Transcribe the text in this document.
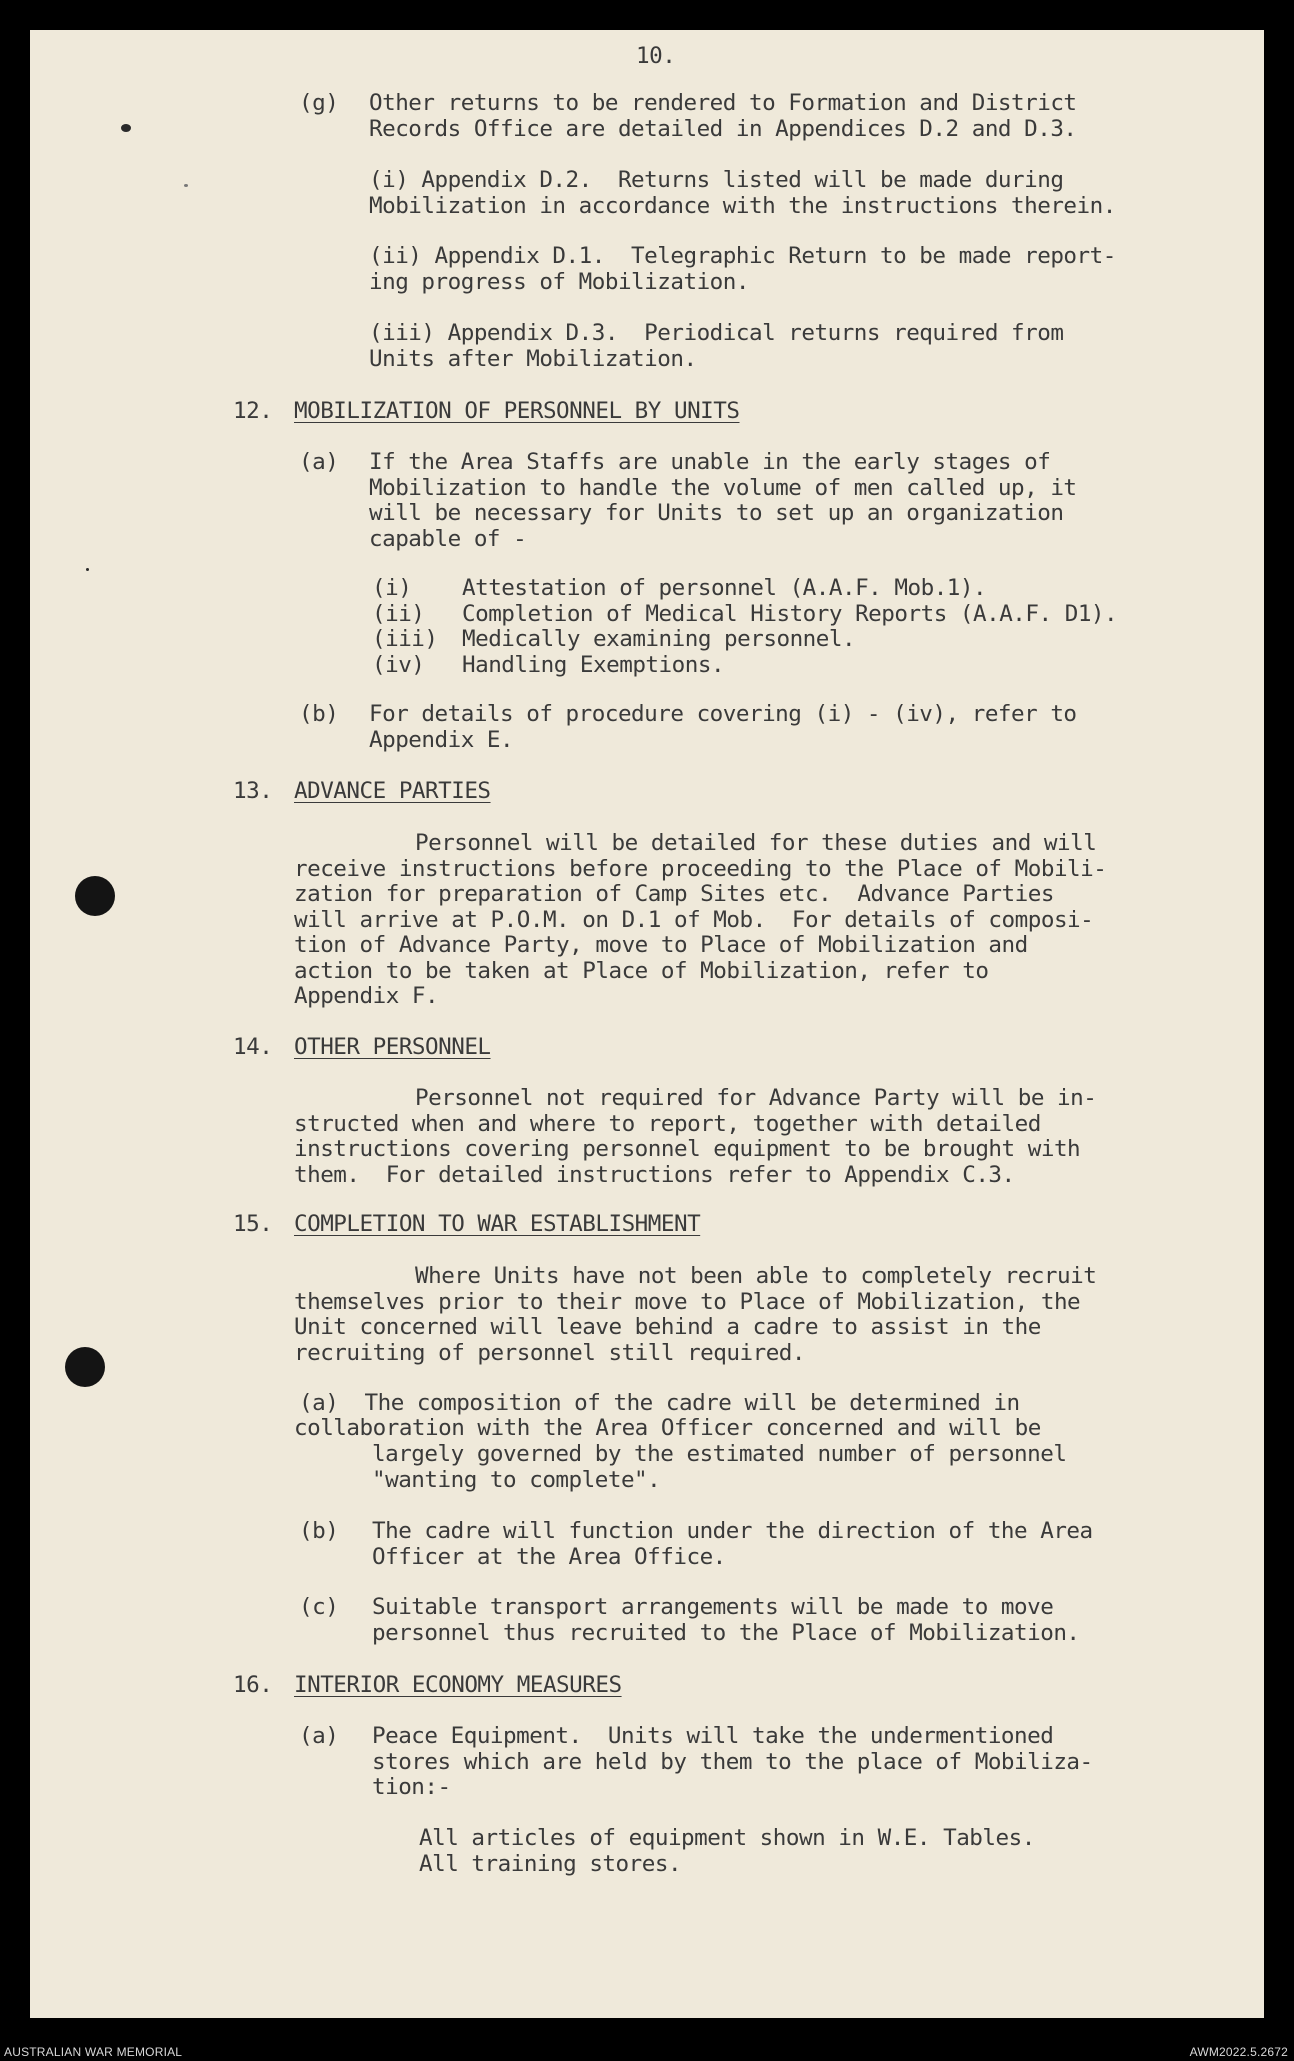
10.
(g) Other returns to be rendered to Formation and District
Records Office are detailed in Appendices D.2 and D.3.
(i) Appendix D.2.  Returns listed will be made during
Mobilization in accordance with the instructions therein.
(ii) Appendix D.1.  Telegraphic Return to be made report-
ing progress of Mobilization.
(iii) Appendix D.3.  Periodical returns required from
Units after Mobilization.
12. MOBILIZATION OF PERSONNEL BY UNITS
(a) If the Area Staffs are unable in the early stages of
Mobilization to handle the volume of men called up, it
will be necessary for Units to set up an organization
capable of -
(i) Attestation of personnel (A.A.F. Mob.1).
(ii) Completion of Medical History Reports (A.A.F. D1).
(iii) Medically examining personnel.
(iv) Handling Exemptions.
(b) For details of procedure covering (i) - (iv), refer to
Appendix E.
13. ADVANCE PARTIES
Personnel will be detailed for these duties and will
receive instructions before proceeding to the Place of Mobili-
zation for preparation of Camp Sites etc.  Advance Parties
will arrive at P.O.M. on D.1 of Mob.  For details of composi-
tion of Advance Party, move to Place of Mobilization and
action to be taken at Place of Mobilization, refer to
Appendix F.
14. OTHER PERSONNEL
Personnel not required for Advance Party will be in-
structed when and where to report, together with detailed
instructions covering personnel equipment to be brought with
them.  For detailed instructions refer to Appendix C.3.
15. COMPLETION TO WAR ESTABLISHMENT
Where Units have not been able to completely recruit
themselves prior to their move to Place of Mobilization, the
Unit concerned will leave behind a cadre to assist in the
recruiting of personnel still required.
(a)  The composition of the cadre will be determined in
collaboration with the Area Officer concerned and will be
largely governed by the estimated number of personnel
"wanting to complete".
(b) The cadre will function under the direction of the Area
Officer at the Area Office.
(c) Suitable transport arrangements will be made to move
personnel thus recruited to the Place of Mobilization.
16. INTERIOR ECONOMY MEASURES
(a) Peace Equipment.  Units will take the undermentioned
stores which are held by them to the place of Mobiliza-
tion:-
All articles of equipment shown in W.E. Tables.
All training stores.
AUSTRALIAN WAR MEMORIAL	AWM2022.5.2672
